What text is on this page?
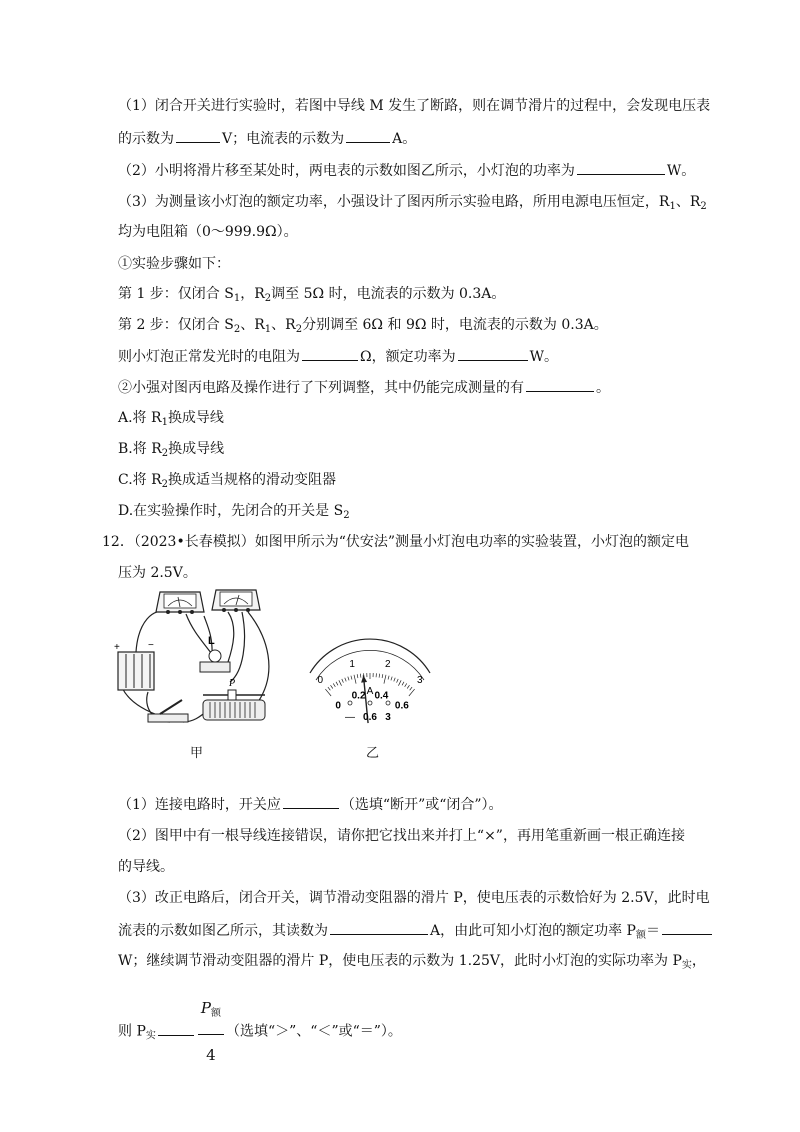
（1）闭合开关进行实验时，若图中导线 M 发生了断路，则在调节滑片的过程中，会发现电压表
的示数为	V；电流表的示数为	A。
（2）小明将滑片移至某处时，两电表的示数如图乙所示，小灯泡的功率为	W。
（3）为测量该小灯泡的额定功率，小强设计了图丙所示实验电路，所用电源电压恒定，$R_1$、$R_2$
均为电阻箱（0～999.9Ω）。
①实验步骤如下：
第 1 步：仅闭合 $S_1$，$R_2$调至 5Ω 时，电流表的示数为 0.3A。
第 2 步：仅闭合 $S_2$、$R_1$、$R_2$分别调至 6Ω 和 9Ω 时，电流表的示数为 0.3A。
则小灯泡正常发光时的电阻为	Ω，额定功率为	W。
②小强对图丙电路及操作进行了下列调整，其中仍能完成测量的有	。
A.将 $R_1$换成导线
B.将 $R_2$换成导线
C.将 $R_2$换成适当规格的滑动变阻器
D.在实验操作时，先闭合的开关是 $S_2$
12．（2023•长春模拟）如图甲所示为“伏安法”测量小灯泡电功率的实验装置，小灯泡的额定电
压为 2.5V。
+	−	L
P
甲
0
1	2
3
0
0.2 0.4
0.6
A
— 0.6 3
乙
（1）连接电路时，开关应	（选填“断开”或“闭合”）。
（2）图甲中有一根导线连接错误，请你把它找出来并打上“×”，再用笔重新画一根正确连接
的导线。
（3）改正电路后，闭合开关，调节滑动变阻器的滑片 P，使电压表的示数恰好为 2.5V，此时电
流表的示数如图乙所示，其读数为	A，由此可知小灯泡的额定功率 $P_额=$
W；继续调节滑动变阻器的滑片 P，使电压表的示数为 1.25V，此时小灯泡的实际功率为 $P_实$，
则 $P_实$	$\frac{P_额}{4}$ （选填“＞”、“＜”或“＝”）。
